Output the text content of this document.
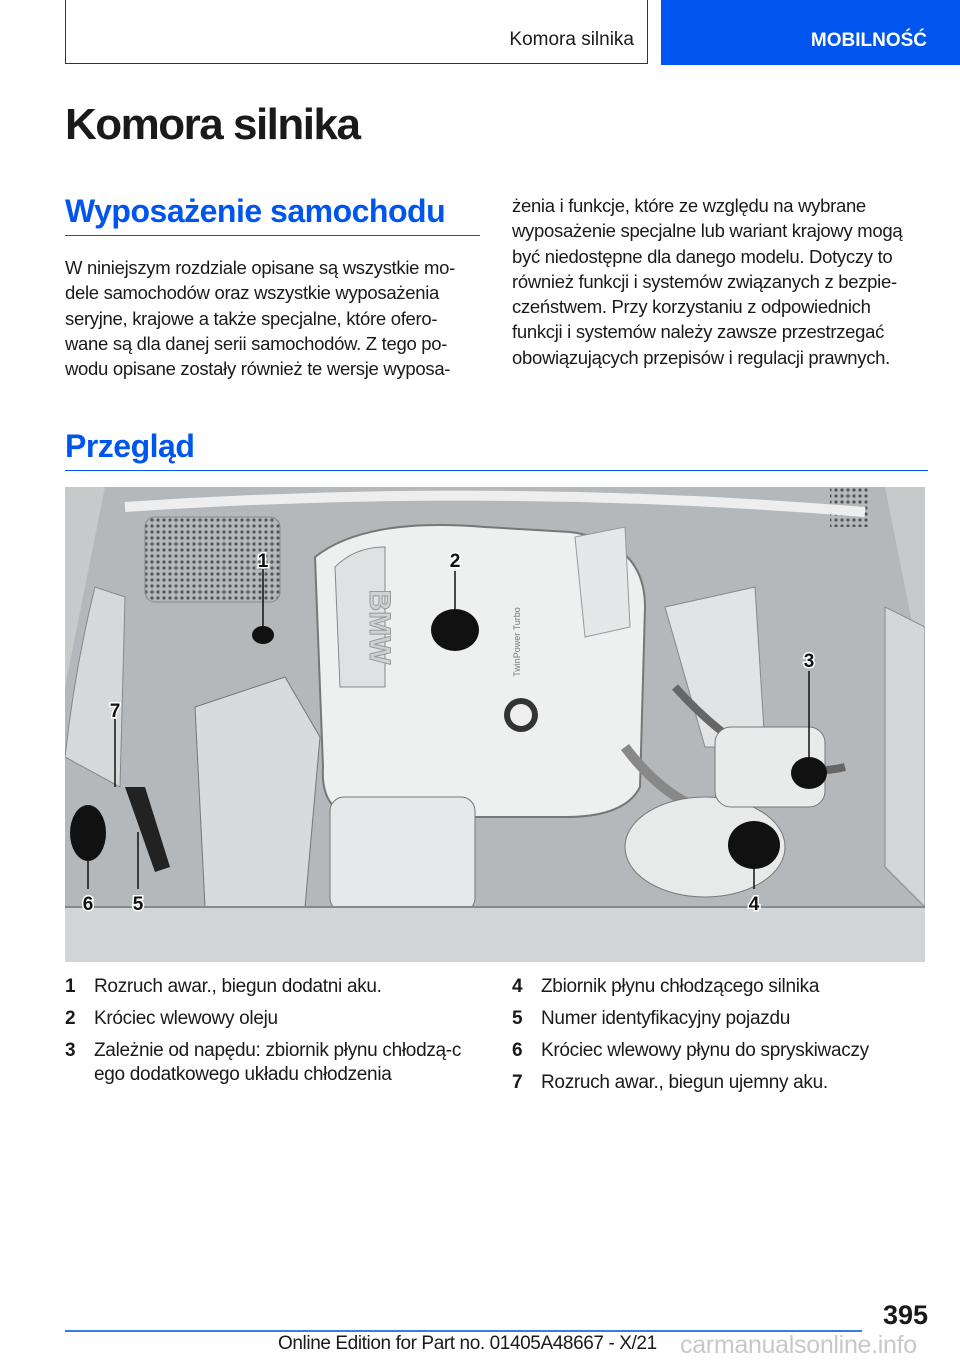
Komora silnika	MOBILNOŚĆ
Komora silnika
Wyposażenie samochodu
W niniejszym rozdziale opisane są wszystkie mo-
dele samochodów oraz wszystkie wyposażenia
seryjne, krajowe a także specjalne, które ofero-
wane są dla danej serii samochodów. Z tego po-
wodu opisane zostały również te wersje wyposa-
żenia i funkcje, które ze względu na wybrane
wyposażenie specjalne lub wariant krajowy mogą
być niedostępne dla danego modelu. Dotyczy to
również funkcji i systemów związanych z bezpie-
czeństwem. Przy korzystaniu z odpowiednich
funkcji i systemów należy zawsze przestrzegać
obowiązujących przepisów i regulacji prawnych.
Przegląd
BMW	TwinPower Turbo
1	2
3
4
5
6
7
1 Rozruch awar., biegun dodatni aku.
2 Króciec wlewowy oleju
3 Zależnie od napędu: zbiornik płynu chłodzą-cego dodatkowego układu chłodzenia
4 Zbiornik płynu chłodzącego silnika
5 Numer identyfikacyjny pojazdu
6 Króciec wlewowy płynu do spryskiwaczy
7 Rozruch awar., biegun ujemny aku.
395
Online Edition for Part no. 01405A48667 - X/21 carmanualsonline.info
